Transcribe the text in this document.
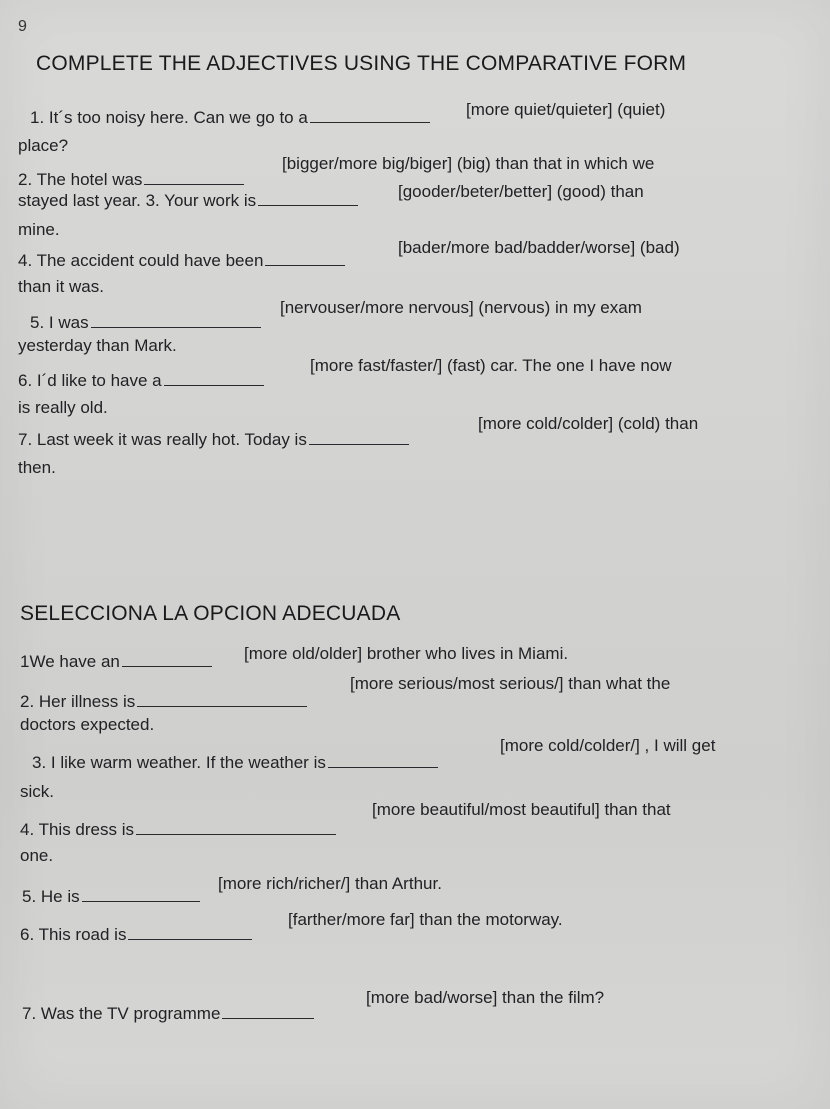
9
COMPLETE THE ADJECTIVES USING THE COMPARATIVE FORM
1. It´s too noisy here. Can we go to a	[more quiet/quieter] (quiet)
place?
2. The hotel was
[bigger/more big/biger] (big) than that in which we
stayed last year. 3. Your work is	[gooder/beter/better] (good) than
mine.
4. The accident could have been
[bader/more bad/badder/worse] (bad)
than it was.
5. I was
[nervouser/more nervous] (nervous) in my exam
yesterday than Mark.
6. I´d like to have a
[more fast/faster/] (fast) car. The one I have now
is really old.
7. Last week it was really hot. Today is
[more cold/colder] (cold) than
then.
SELECCIONA LA OPCION ADECUADA
1We have an	[more old/older] brother who lives in Miami.
2. Her illness is
[more serious/most serious/] than what the
doctors expected.
3. I like warm weather. If the weather is
[more cold/colder/] , I will get
sick.
4. This dress is
[more beautiful/most beautiful] than that
one.
5. He is
[more rich/richer/] than Arthur.
6. This road is
[farther/more far] than the motorway.
7. Was the TV programme
[more bad/worse] than the film?
